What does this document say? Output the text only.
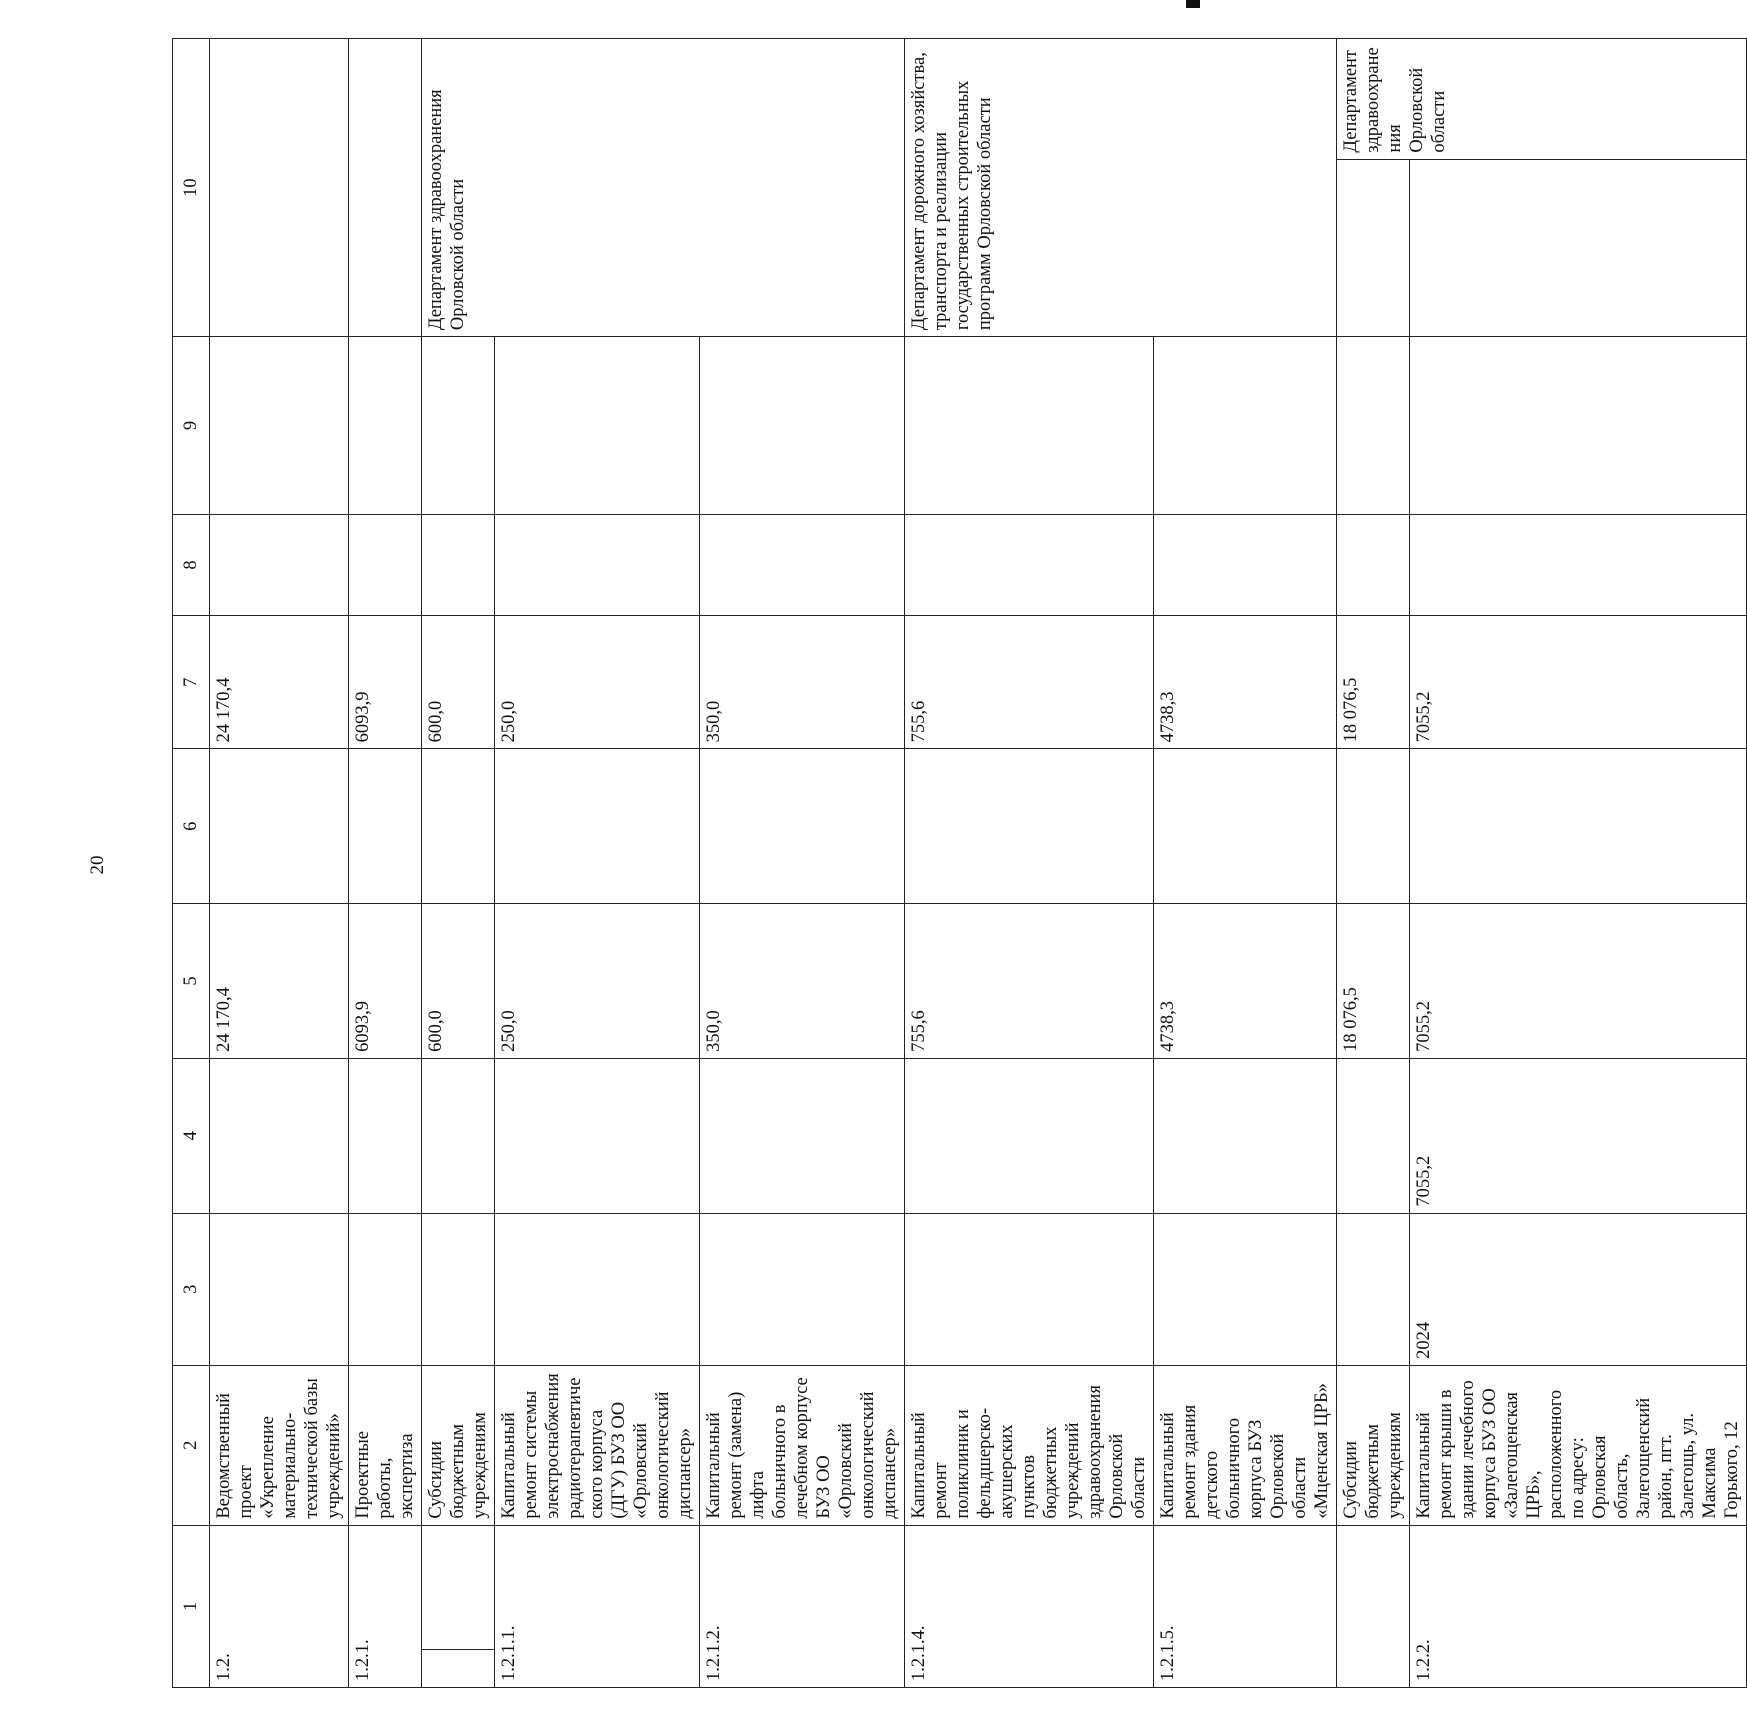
20
1		2	3	4	5	6	7	8	9	10	
1.2.		Ведомственный проект «Укрепление материально-технической базы учреждений»			24 170,4		24 170,4				
1.2.1.		Проектные работы, экспертиза			6093,9		6093,9				
		Субсидии бюджетным учреждениям			600,0		600,0			Департамент здравоохранения Орловской области	
1.2.1.1.		Капитальный ремонт системы электроснабжения радиотерапевтического корпуса (ДГУ) БУЗ ОО «Орловский онкологический диспансер»			250,0		250,0				
1.2.1.2.		Капитальный ремонт (замена) лифта больничного в лечебном корпусе БУЗ ОО «Орловский онкологический диспансер»			350,0		350,0				
1.2.1.4.		Капитальный ремонт поликлиник и фельдшерско-акушерских пунктов бюджетных учреждений здравоохранения Орловской области			755,6		755,6			Департамент дорожного хозяйства, транспорта и реализации государственных строительных программ Орловской области	
1.2.1.5.		Капитальный ремонт здания детского больничного корпуса БУЗ Орловской области «Мценская ЦРБ»			4738,3		4738,3				
		Субсидии бюджетным учреждениям			18 076,5		18 076,5				Департамент здравоохранения Орловской области
1.2.2.		Капитальный ремонт крыши в здании лечебного корпуса БУЗ ОО «Залегощенская ЦРБ», расположенного по адресу: Орловская область, Залегощенский район, пгт. Залегощь, ул. Максима Горького, 12	2024	7055,2	7055,2		7055,2				
